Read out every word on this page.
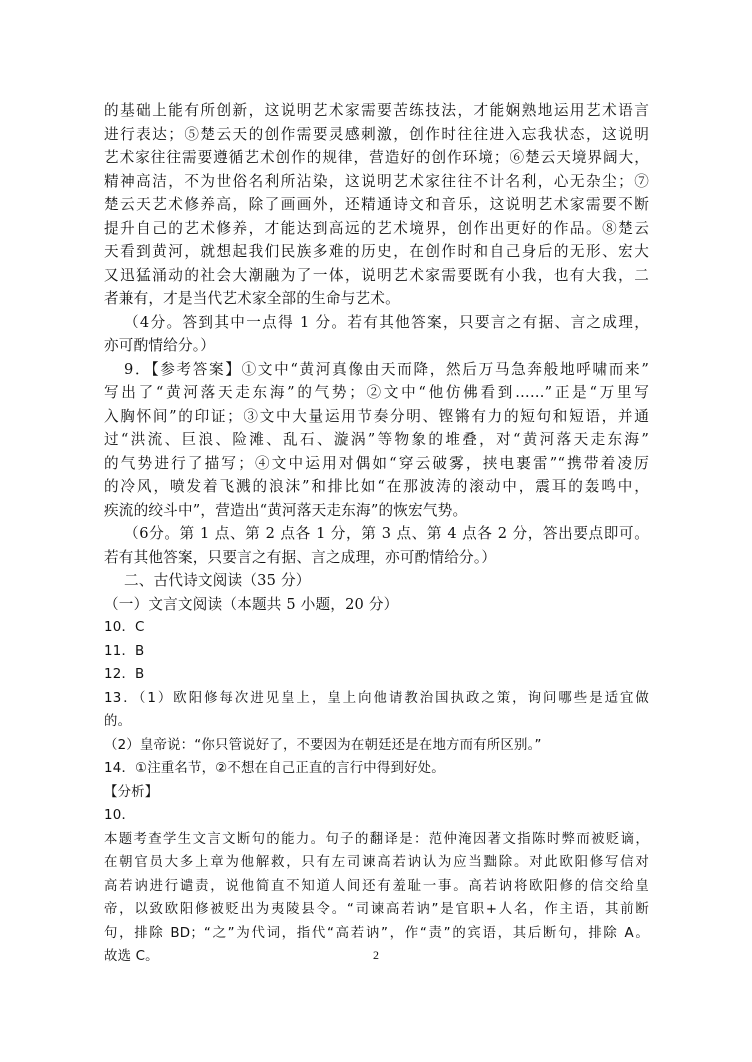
的基础上能有所创新，这说明艺术家需要苦练技法，才能娴熟地运用艺术语言
进行表达；⑤楚云天的创作需要灵感刺激，创作时往往进入忘我状态，这说明
艺术家往往需要遵循艺术创作的规律，营造好的创作环境；⑥楚云天境界阔大，
精神高洁，不为世俗名利所沾染，这说明艺术家往往不计名利，心无杂尘；⑦
楚云天艺术修养高，除了画画外，还精通诗文和音乐，这说明艺术家需要不断
提升自己的艺术修养，才能达到高远的艺术境界，创作出更好的作品。⑧楚云
天看到黄河，就想起我们民族多难的历史，在创作时和自己身后的无形、宏大
又迅猛涌动的社会大潮融为了一体，说明艺术家需要既有小我，也有大我，二
者兼有，才是当代艺术家全部的生命与艺术。
（4分。答到其中一点得 1 分。若有其他答案，只要言之有据、言之成理，
亦可酌情给分。）
9．【参考答案】①文中“黄河真像由天而降，然后万马急奔般地呼啸而来”
写出了“黄河落天走东海”的气势；②文中“他仿佛看到……”正是“万里写
入胸怀间”的印证；③文中大量运用节奏分明、铿锵有力的短句和短语，并通
过“洪流、巨浪、险滩、乱石、漩涡”等物象的堆叠，对“黄河落天走东海”
的气势进行了描写；④文中运用对偶如“穿云破雾，挟电裹雷”“携带着凌厉
的冷风，喷发着飞溅的浪沫”和排比如“在那波涛的滚动中，震耳的轰鸣中，
疾流的绞斗中”，营造出“黄河落天走东海”的恢宏气势。
（6分。第 1 点、第 2 点各 1 分，第 3 点、第 4 点各 2 分，答出要点即可。
若有其他答案，只要言之有据、言之成理，亦可酌情给分。）
二、古代诗文阅读（35 分）
（一）文言文阅读（本题共 5 小题，20 分）
10．C
11．B
12．B
13．（1）欧阳修每次进见皇上，皇上向他请教治国执政之策，询问哪些是适宜做
的。
（2）皇帝说：“你只管说好了，不要因为在朝廷还是在地方而有所区别。”
14．①注重名节，②不想在自己正直的言行中得到好处。
【分析】
10．
本题考查学生文言文断句的能力。句子的翻译是：范仲淹因著文指陈时弊而被贬谪，
在朝官员大多上章为他解救，只有左司谏高若讷认为应当黜除。对此欧阳修写信对
高若讷进行谴责，说他简直不知道人间还有羞耻一事。高若讷将欧阳修的信交给皇
帝，以致欧阳修被贬出为夷陵县令。“司谏高若讷”是官职+人名，作主语，其前断
句，排除 BD；“之”为代词，指代“高若讷”，作“责”的宾语，其后断句，排除 A。
故选 C。	2
